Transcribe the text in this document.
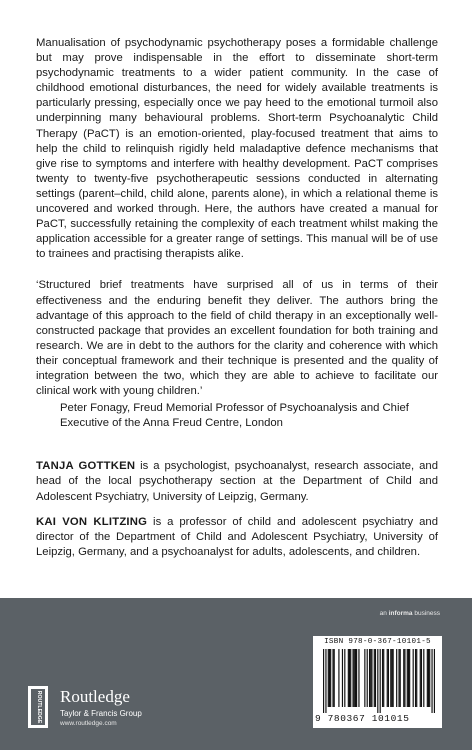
Manualisation of psychodynamic psychotherapy poses a formidable challenge but may prove indispensable in the effort to disseminate short-term psychodynamic treatments to a wider patient community. In the case of childhood emotional disturbances, the need for widely available treatments is particularly pressing, especially once we pay heed to the emotional turmoil also underpinning many behavioural problems. Short-term Psychoanalytic Child Therapy (PaCT) is an emotion-oriented, play-focused treatment that aims to help the child to relinquish rigidly held maladaptive defence mechanisms that give rise to symptoms and interfere with healthy development. PaCT comprises twenty to twenty-five psychotherapeutic sessions conducted in alternating settings (parent–child, child alone, parents alone), in which a relational theme is uncovered and worked through. Here, the authors have created a manual for PaCT, successfully retaining the complexity of each treatment whilst making the application accessible for a greater range of settings. This manual will be of use to trainees and practising therapists alike.

‘Structured brief treatments have surprised all of us in terms of their effectiveness and the enduring benefit they deliver. The authors bring the advantage of this approach to the field of child therapy in an exceptionally well-constructed package that provides an excellent foundation for both training and research. We are in debt to the authors for the clarity and coherence with which their conceptual framework and their technique is presented and the quality of integration between the two, which they are able to achieve to facilitate our clinical work with young children.’

Peter Fonagy, Freud Memorial Professor of Psychoanalysis and Chief Executive of the Anna Freud Centre, London

TANJA GOTTKEN is a psychologist, psychoanalyst, research associate, and head of the local psychotherapy section at the Department of Child and Adolescent Psychiatry, University of Leipzig, Germany.

KAI VON KLITZING is a professor of child and adolescent psychiatry and director of the Department of Child and Adolescent Psychiatry, University of Leipzig, Germany, and a psychoanalyst for adults, adolescents, and children.

an informa business
ROUTLEDGE Routledge
Taylor & Francis Group
www.routledge.com
ISBN 978-0-367-10101-5
9 780367 101015
